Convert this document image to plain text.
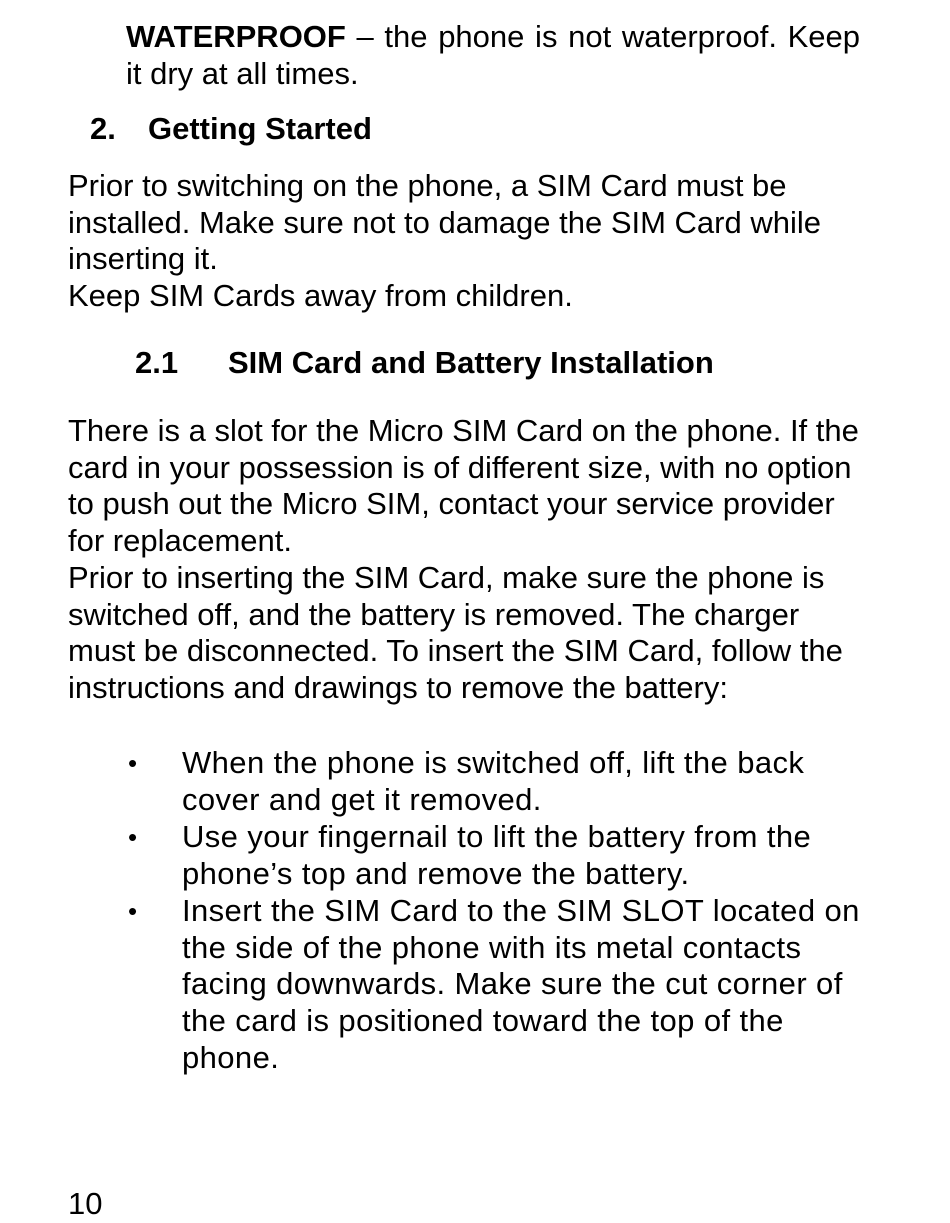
WATERPROOF – the phone is not waterproof. Keep it dry at all times.
2. Getting Started

Prior to switching on the phone, a SIM Card must be installed. Make sure not to damage the SIM Card while inserting it.

Keep SIM Cards away from children.

2.1 SIM Card and Battery Installation

There is a slot for the Micro SIM Card on the phone. If the card in your possession is of different size, with no option to push out the Micro SIM, contact your service provider for replacement.

Prior to inserting the SIM Card, make sure the phone is switched off, and the battery is removed. The charger must be disconnected. To insert the SIM Card, follow the instructions and drawings to remove the battery:

• When the phone is switched off, lift the back cover and get it removed.
• Use your fingernail to lift the battery from the phone’s top and remove the battery.
• Insert the SIM Card to the SIM SLOT located on the side of the phone with its metal contacts facing downwards. Make sure the cut corner of the card is positioned toward the top of the phone.
10
